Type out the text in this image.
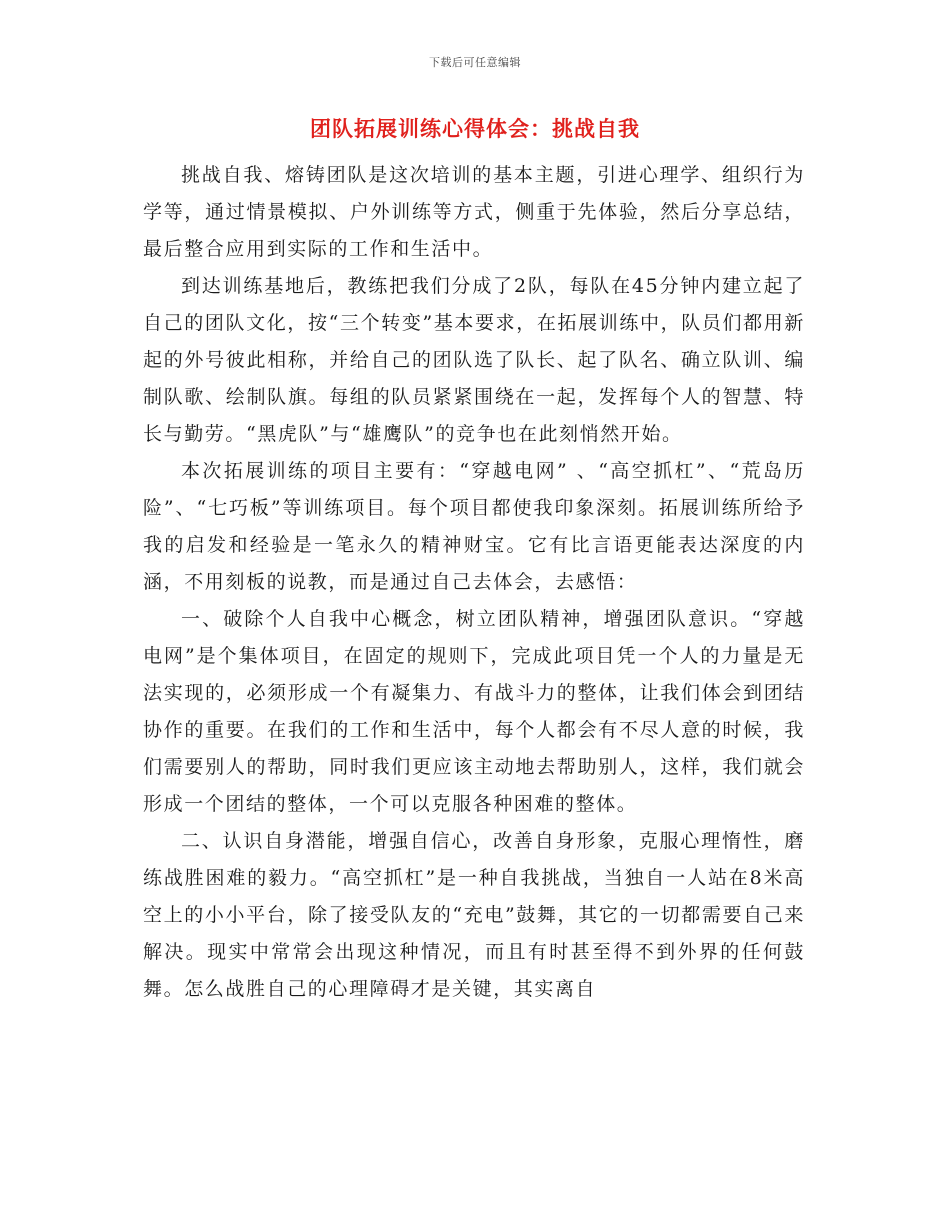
下载后可任意编辑
团队拓展训练心得体会：挑战自我

挑战自我、熔铸团队是这次培训的基本主题，引进心理学、组织行为学等，通过情景模拟、户外训练等方式，侧重于先体验，然后分享总结，最后整合应用到实际的工作和生活中。

到达训练基地后，教练把我们分成了2队，每队在45分钟内建立起了自己的团队文化，按“三个转变”基本要求，在拓展训练中，队员们都用新起的外号彼此相称，并给自己的团队选了队长、起了队名、确立队训、编制队歌、绘制队旗。每组的队员紧紧围绕在一起，发挥每个人的智慧、特长与勤劳。“黑虎队”与“雄鹰队”的竞争也在此刻悄然开始。

本次拓展训练的项目主要有：“穿越电网” 、“高空抓杠”、“荒岛历险”、“七巧板”等训练项目。每个项目都使我印象深刻。拓展训练所给予我的启发和经验是一笔永久的精神财宝。它有比言语更能表达深度的内涵，不用刻板的说教，而是通过自己去体会，去感悟：

一、破除个人自我中心概念，树立团队精神，增强团队意识。“穿越电网”是个集体项目，在固定的规则下，完成此项目凭一个人的力量是无法实现的，必须形成一个有凝集力、有战斗力的整体，让我们体会到团结协作的重要。在我们的工作和生活中，每个人都会有不尽人意的时候，我们需要别人的帮助，同时我们更应该主动地去帮助别人，这样，我们就会形成一个团结的整体，一个可以克服各种困难的整体。

二、认识自身潜能，增强自信心，改善自身形象，克服心理惰性，磨练战胜困难的毅力。“高空抓杠”是一种自我挑战，当独自一人站在8米高空上的小小平台，除了接受队友的“充电”鼓舞，其它的一切都需要自己来解决。现实中常常会出现这种情况，而且有时甚至得不到外界的任何鼓舞。怎么战胜自己的心理障碍才是关键，其实离自
